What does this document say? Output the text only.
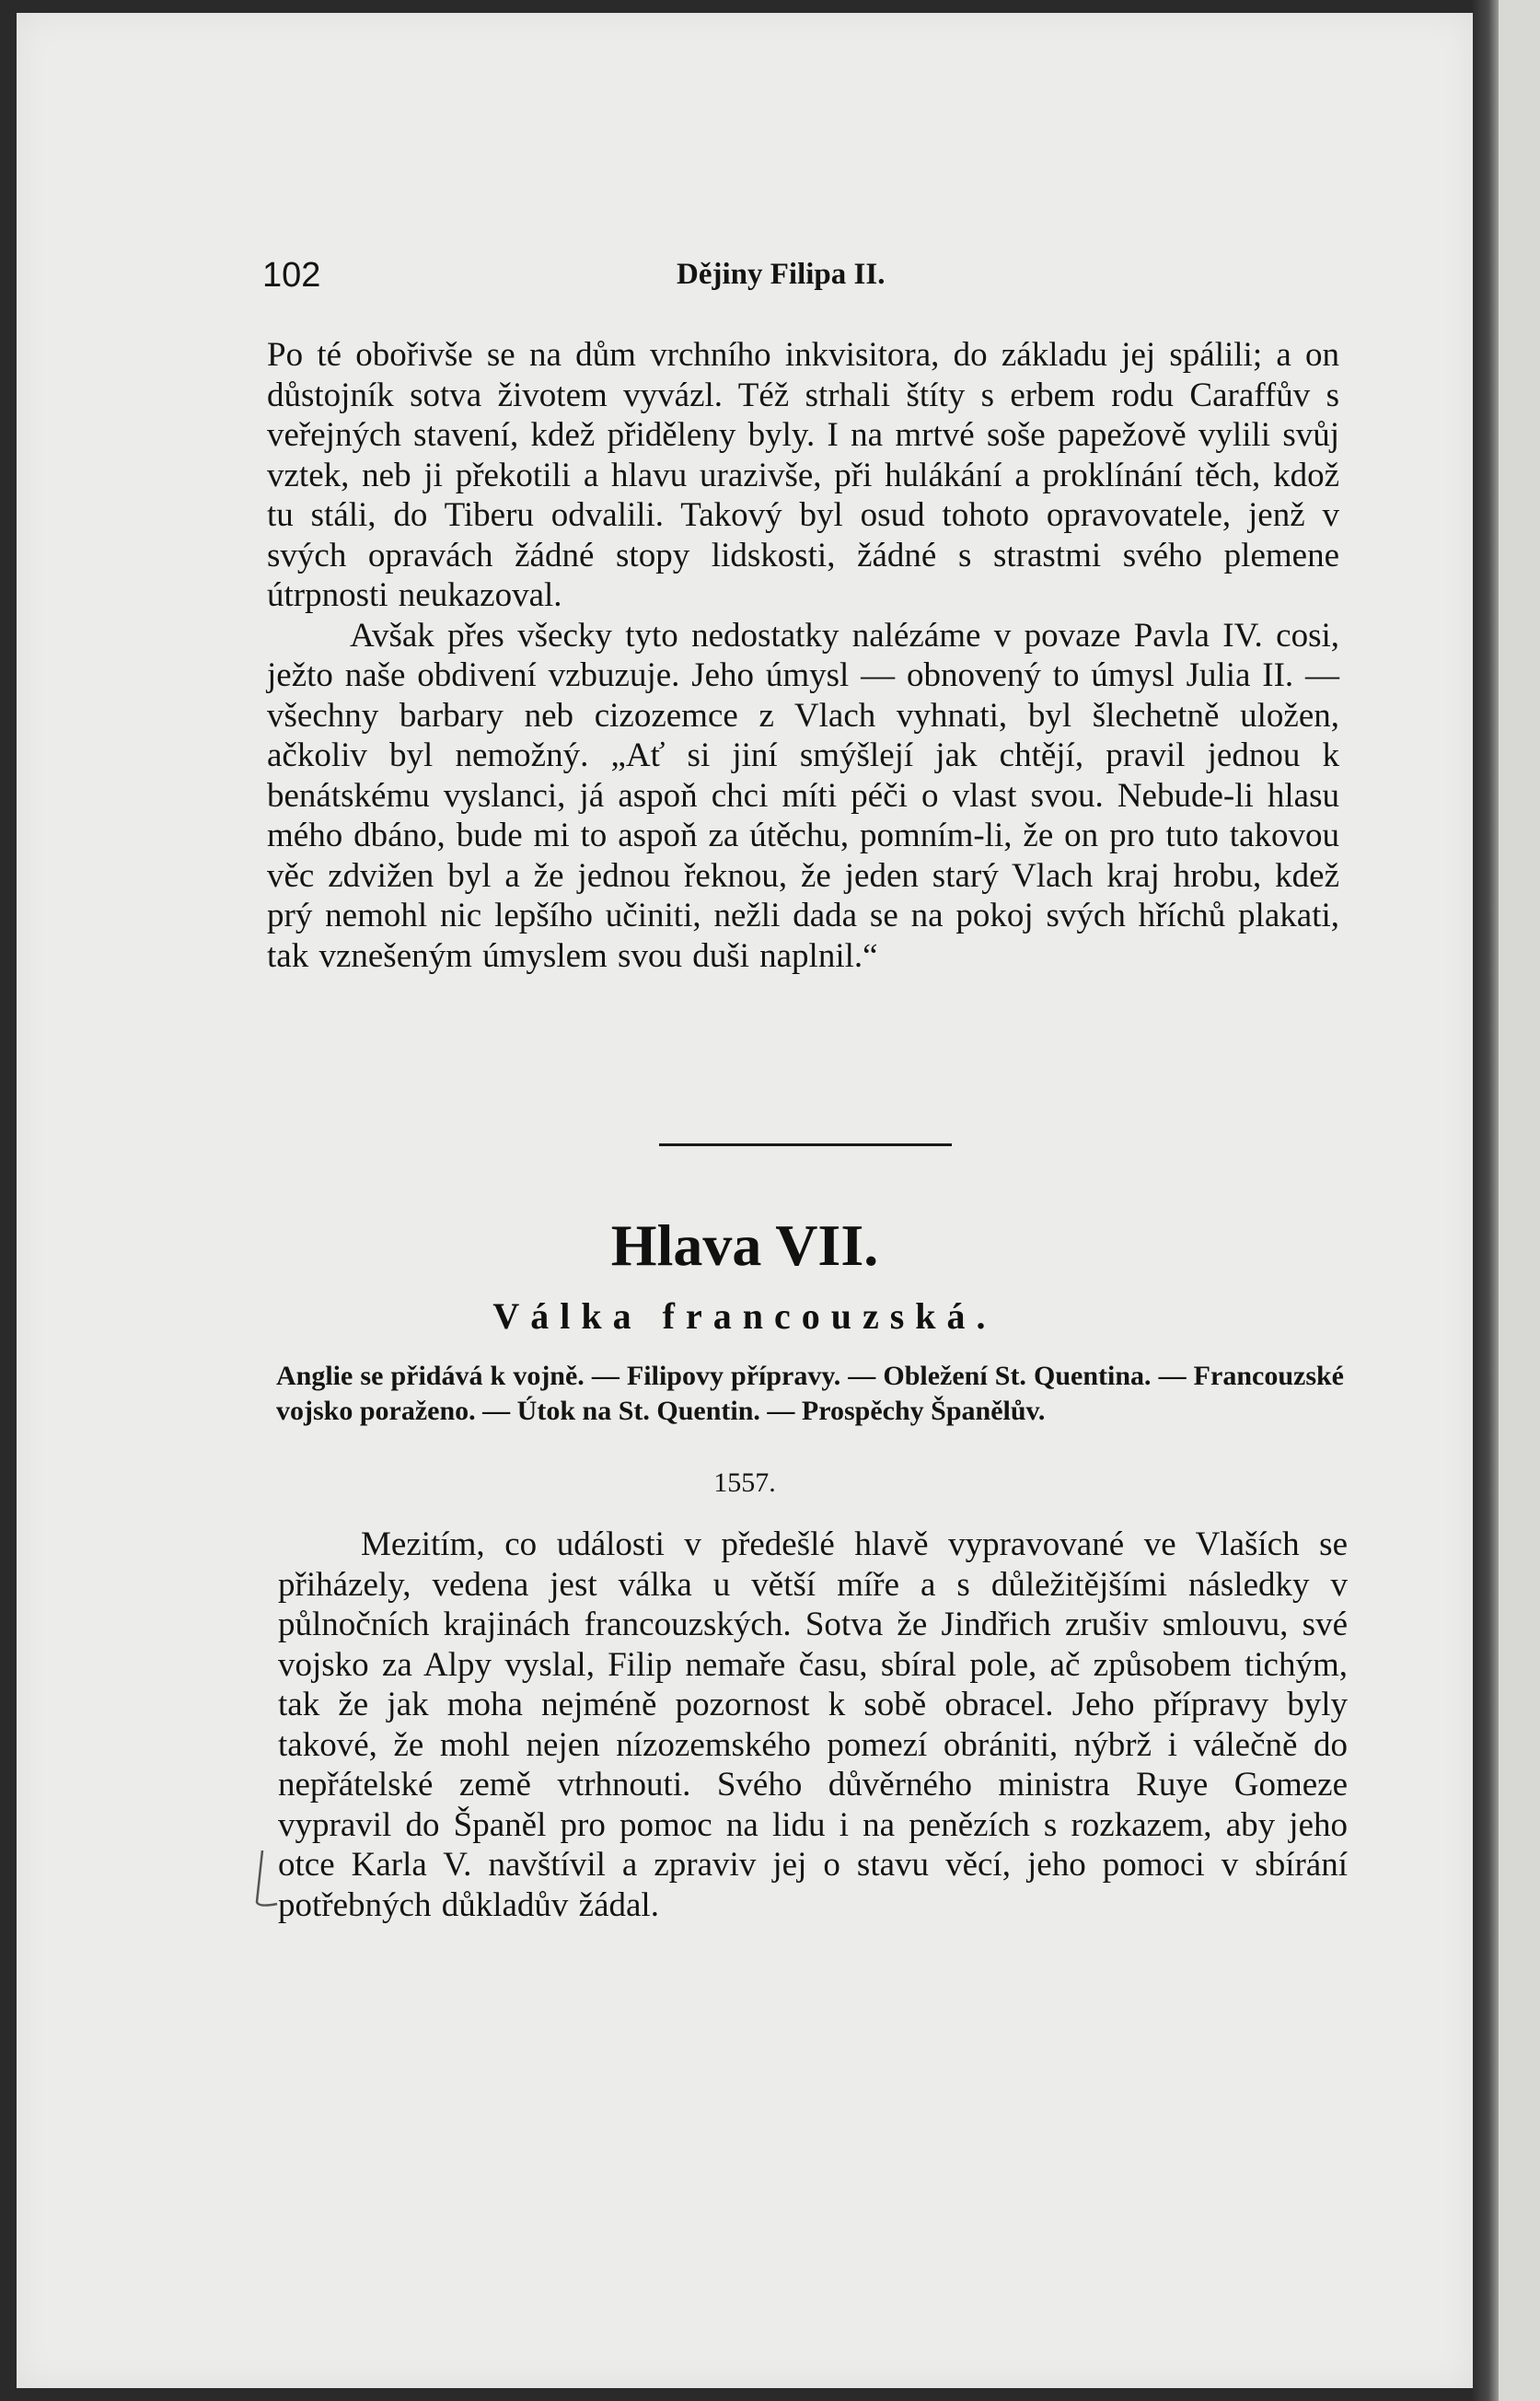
102	Dějiny Filipa II.

Po té obořivše se na dům vrchního inkvisitora, do základu jej spálili; a on důstojník sotva životem vyvázl. Též strhali štíty s erbem rodu Caraffův s veřejných stavení, kdež přiděleny byly. I na mrtvé soše papežově vylili svůj vztek, neb ji překotili a hlavu urazivše, při hulákání a proklínání těch, kdož tu stáli, do Tiberu odvalili. Takový byl osud tohoto opravovatele, jenž v svých opravách žádné stopy lidskosti, žádné s strastmi svého plemene útrpnosti neukazoval.

Avšak přes všecky tyto nedostatky nalézáme v povaze Pavla IV. cosi, ježto naše obdivení vzbuzuje. Jeho úmysl — obnovený to úmysl Julia II. — všechny barbary neb cizozemce z Vlach vyhnati, byl šlechetně uložen, ačkoliv byl nemožný. „Ať si jiní smýšlejí jak chtějí, pravil jednou k benátskému vyslanci, já aspoň chci míti péči o vlast svou. Nebude-li hlasu mého dbáno, bude mi to aspoň za útěchu, pomním-li, že on pro tuto takovou věc zdvižen byl a že jednou řeknou, že jeden starý Vlach kraj hrobu, kdež prý nemohl nic lepšího učiniti, nežli dada se na pokoj svých hříchů plakati, tak vznešeným úmyslem svou duši naplnil.“

Hlava VII.
Válka francouzská.
Anglie se přidává k vojně. — Filipovy přípravy. — Obležení St. Quentina. — Francouzské vojsko poraženo. — Útok na St. Quentin. — Prospěchy Španělův.
1557.

Mezitím, co události v předešlé hlavě vypravované ve Vlaších se přiházely, vedena jest válka u větší míře a s důležitějšími následky v půlnočních krajinách francouzských. Sotva že Jindřich zrušiv smlouvu, své vojsko za Alpy vyslal, Filip nemaře času, sbíral pole, ač způsobem tichým, tak že jak moha nejméně pozornost k sobě obracel. Jeho přípravy byly takové, že mohl nejen nízozemského pomezí obrániti, nýbrž i válečně do nepřátelské země vtrhnouti. Svého důvěrného ministra Ruye Gomeze vypravil do Španěl pro pomoc na lidu i na penězích s rozkazem, aby jeho otce Karla V. navštívil a zpraviv jej o stavu věcí, jeho pomoci v sbírání potřebných důkladův žádal.
